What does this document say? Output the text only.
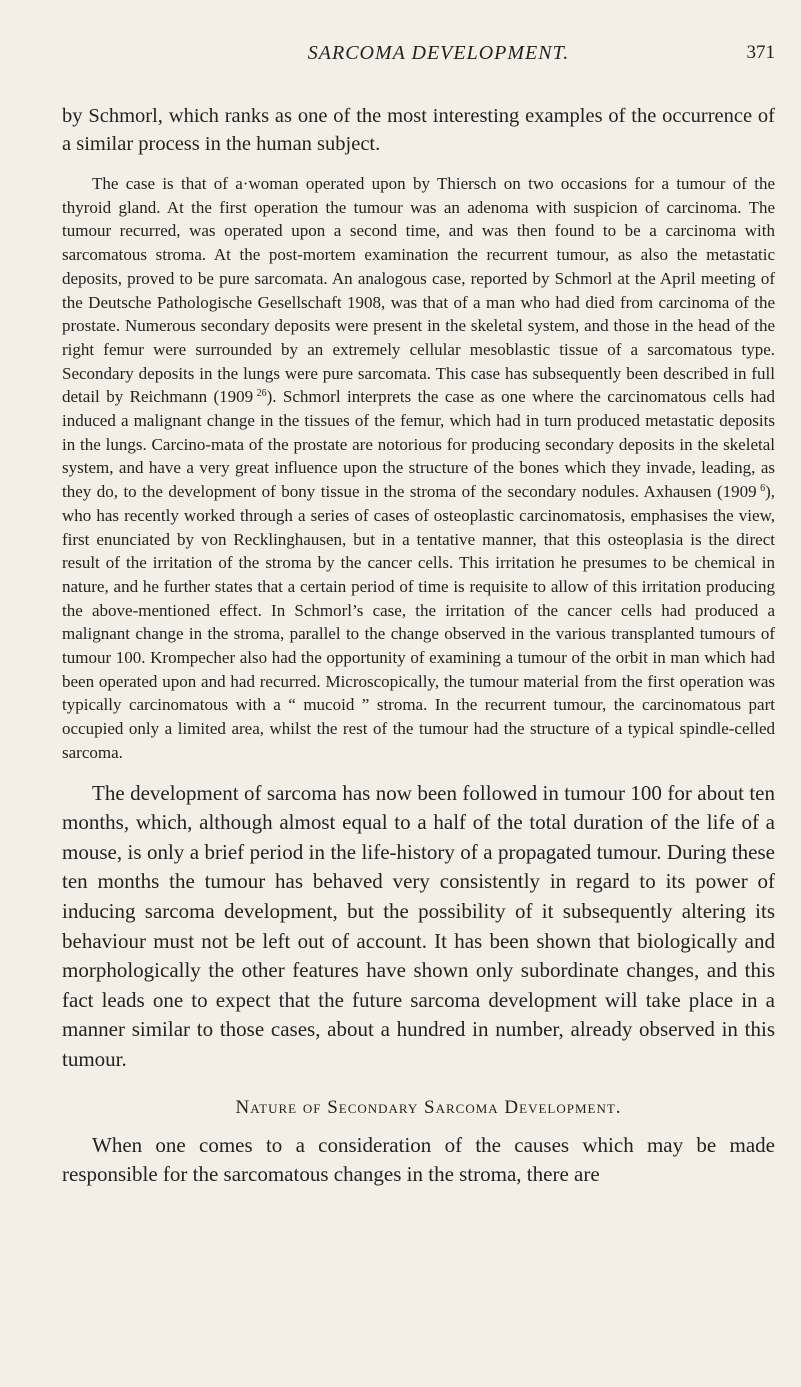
SARCOMA DEVELOPMENT.	371

by Schmorl, which ranks as one of the most interesting examples of the occurrence of a similar process in the human subject.

The case is that of a·woman operated upon by Thiersch on two occasions for a tumour of the thyroid gland. At the first operation the tumour was an adenoma with suspicion of carcinoma. The tumour recurred, was operated upon a second time, and was then found to be a carcinoma with sarcomatous stroma. At the post-mortem examination the recurrent tumour, as also the metastatic deposits, proved to be pure sarcomata. An analogous case, reported by Schmorl at the April meeting of the Deutsche Pathologische Gesellschaft 1908, was that of a man who had died from carcinoma of the prostate. Numerous secondary deposits were present in the skeletal system, and those in the head of the right femur were surrounded by an extremely cellular mesoblastic tissue of a sarcomatous type. Secondary deposits in the lungs were pure sarcomata. This case has subsequently been described in full detail by Reichmann (1909  $^{26}$). Schmorl interprets the case as one where the carcinomatous cells had induced a malignant change in the tissues of the femur, which had in turn produced metastatic deposits in the lungs. Carcino-mata of the prostate are notorious for producing secondary deposits in the skeletal system, and have a very great influence upon the structure of the bones which they invade, leading, as they do, to the development of bony tissue in the stroma of the secondary nodules. Axhausen (1909  $^6$), who has recently worked through a series of cases of osteoplastic carcinomatosis, emphasises the view, first enunciated by von Recklinghausen, but in a tentative manner, that this osteoplasia is the direct result of the irritation of the stroma by the cancer cells. This irritation he presumes to be chemical in nature, and he further states that a certain period of time is requisite to allow of this irritation producing the above-mentioned effect. In Schmorl’s case, the irritation of the cancer cells had produced a malignant change in the stroma, parallel to the change observed in the various transplanted tumours of tumour 100. Krompecher also had the opportunity of examining a tumour of the orbit in man which had been operated upon and had recurred. Microscopically, the tumour material from the first operation was typically carcinomatous with a “ mucoid ” stroma. In the recurrent tumour, the carcinomatous part occupied only a limited area, whilst the rest of the tumour had the structure of a typical spindle-celled sarcoma.

The development of sarcoma has now been followed in tumour 100 for about ten months, which, although almost equal to a half of the total duration of the life of a mouse, is only a brief period in the life-history of a propagated tumour. During these ten months the tumour has behaved very consistently in regard to its power of inducing sarcoma development, but the possibility of it subsequently altering its behaviour must not be left out of account. It has been shown that biologically and morphologically the other features have shown only subordinate changes, and this fact leads one to expect that the future sarcoma development will take place in a manner similar to those cases, about a hundred in number, already observed in this tumour.

Nature of Secondary Sarcoma Development.

When one comes to a consideration of the causes which may be made responsible for the sarcomatous changes in the stroma, there are
